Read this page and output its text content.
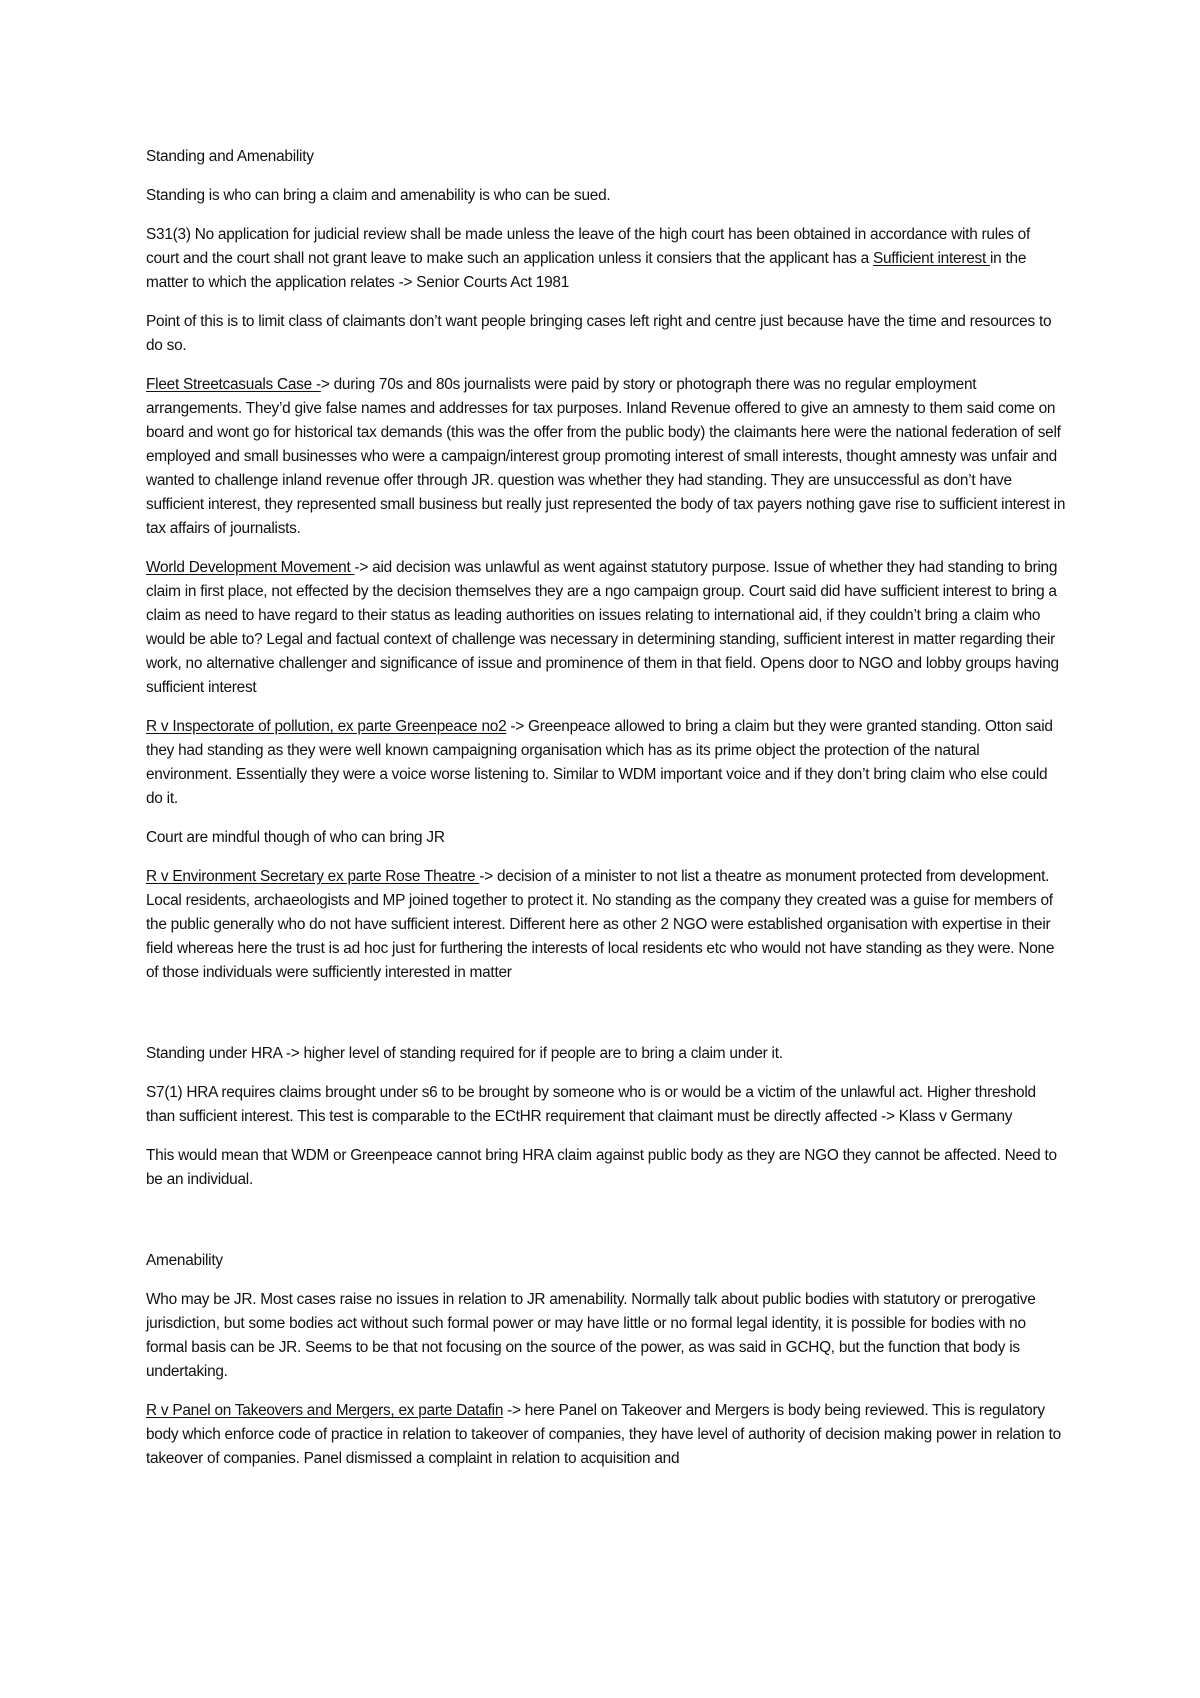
Standing and Amenability

Standing is who can bring a claim and amenability is who can be sued.

S31(3) No application for judicial review shall be made unless the leave of the high court has been obtained in accordance with rules of court and the court shall not grant leave to make such an application unless it consiers that the applicant has a Sufficient interest in the matter to which the application relates -> Senior Courts Act 1981

Point of this is to limit class of claimants don’t want people bringing cases left right and centre just because have the time and resources to do so.

Fleet Streetcasuals Case -> during 70s and 80s journalists were paid by story or photograph there was no regular employment arrangements. They’d give false names and addresses for tax purposes. Inland Revenue offered to give an amnesty to them said come on board and wont go for historical tax demands (this was the offer from the public body) the claimants here were the national federation of self employed and small businesses who were a campaign/interest group promoting interest of small interests, thought amnesty was unfair and wanted to challenge inland revenue offer through JR. question was whether they had standing. They are unsuccessful as don’t have sufficient interest, they represented small business but really just represented the body of tax payers nothing gave rise to sufficient interest in tax affairs of journalists.

World Development Movement -> aid decision was unlawful as went against statutory purpose. Issue of whether they had standing to bring claim in first place, not effected by the decision themselves they are a ngo campaign group. Court said did have sufficient interest to bring a claim as need to have regard to their status as leading authorities on issues relating to international aid, if they couldn’t bring a claim who would be able to? Legal and factual context of challenge was necessary in determining standing, sufficient interest in matter regarding their work, no alternative challenger and significance of issue and prominence of them in that field. Opens door to NGO and lobby groups having sufficient interest

R v Inspectorate of pollution, ex parte Greenpeace no2 -> Greenpeace allowed to bring a claim but they were granted standing. Otton said they had standing as they were well known campaigning organisation which has as its prime object the protection of the natural environment. Essentially they were a voice worse listening to. Similar to WDM important voice and if they don’t bring claim who else could do it.

Court are mindful though of who can bring JR

R v Environment Secretary ex parte Rose Theatre -> decision of a minister to not list a theatre as monument protected from development. Local residents, archaeologists and MP joined together to protect it. No standing as the company they created was a guise for members of the public generally who do not have sufficient interest. Different here as other 2 NGO were established organisation with expertise in their field whereas here the trust is ad hoc just for furthering the interests of local residents etc who would not have standing as they were. None of those individuals were sufficiently interested in matter

Standing under HRA -> higher level of standing required for if people are to bring a claim under it.

S7(1) HRA requires claims brought under s6 to be brought by someone who is or would be a victim of the unlawful act. Higher threshold than sufficient interest. This test is comparable to the ECtHR requirement that claimant must be directly affected -> Klass v Germany

This would mean that WDM or Greenpeace cannot bring HRA claim against public body as they are NGO they cannot be affected. Need to be an individual.

Amenability

Who may be JR. Most cases raise no issues in relation to JR amenability. Normally talk about public bodies with statutory or prerogative jurisdiction, but some bodies act without such formal power or may have little or no formal legal identity, it is possible for bodies with no formal basis can be JR. Seems to be that not focusing on the source of the power, as was said in GCHQ, but the function that body is undertaking.

R v Panel on Takeovers and Mergers, ex parte Datafin -> here Panel on Takeover and Mergers is body being reviewed. This is regulatory body which enforce code of practice in relation to takeover of companies, they have level of authority of decision making power in relation to takeover of companies. Panel dismissed a complaint in relation to acquisition and
